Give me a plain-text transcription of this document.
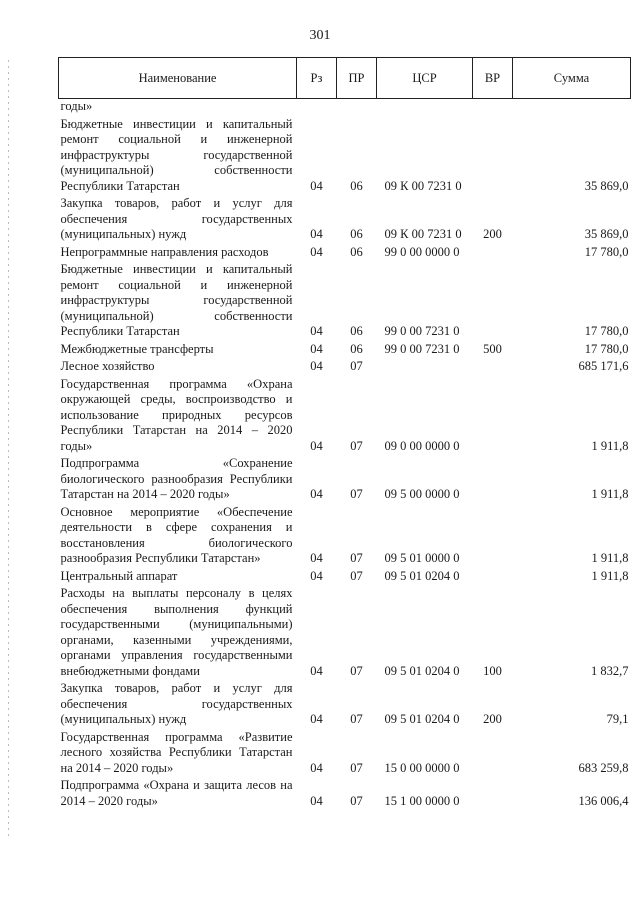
301
Наименование	Рз	ПР	ЦСР	ВР	Сумма
годы»					
Бюджетные инвестиции и капитальный ремонт социальной и инженерной инфраструктуры государственной (муниципальной) собственности Республики Татарстан	04	06	09 К 00 7231 0		35 869,0
Закупка товаров, работ и услуг для обеспечения государственных (муниципальных) нужд	04	06	09 К 00 7231 0	200	35 869,0
Непрограммные направления расходов	04	06	99 0 00 0000 0		17 780,0
Бюджетные инвестиции и капитальный ремонт социальной и инженерной инфраструктуры государственной (муниципальной) собственности Республики Татарстан	04	06	99 0 00 7231 0		17 780,0
Межбюджетные трансферты	04	06	99 0 00 7231 0	500	17 780,0
Лесное хозяйство	04	07			685 171,6
Государственная программа «Охрана окружающей среды, воспроизводство и использование природных ресурсов Республики Татарстан на 2014 – 2020 годы»	04	07	09 0 00 0000 0		1 911,8
Подпрограмма «Сохранение биологического разнообразия Республики Татарстан на 2014 – 2020 годы»	04	07	09 5 00 0000 0		1 911,8
Основное мероприятие «Обеспечение деятельности в сфере сохранения и восстановления биологического разнообразия Республики Татарстан»	04	07	09 5 01 0000 0		1 911,8
Центральный аппарат	04	07	09 5 01 0204 0		1 911,8
Расходы на выплаты персоналу в целях обеспечения выполнения функций государственными (муниципальными) органами, казенными учреждениями, органами управления государственными внебюджетными фондами	04	07	09 5 01 0204 0	100	1 832,7
Закупка товаров, работ и услуг для обеспечения государственных (муниципальных) нужд	04	07	09 5 01 0204 0	200	79,1
Государственная программа «Развитие лесного хозяйства Республики Татарстан на 2014 – 2020 годы»	04	07	15 0 00 0000 0		683 259,8
Подпрограмма «Охрана и защита лесов на 2014 – 2020 годы»	04	07	15 1 00 0000 0		136 006,4
